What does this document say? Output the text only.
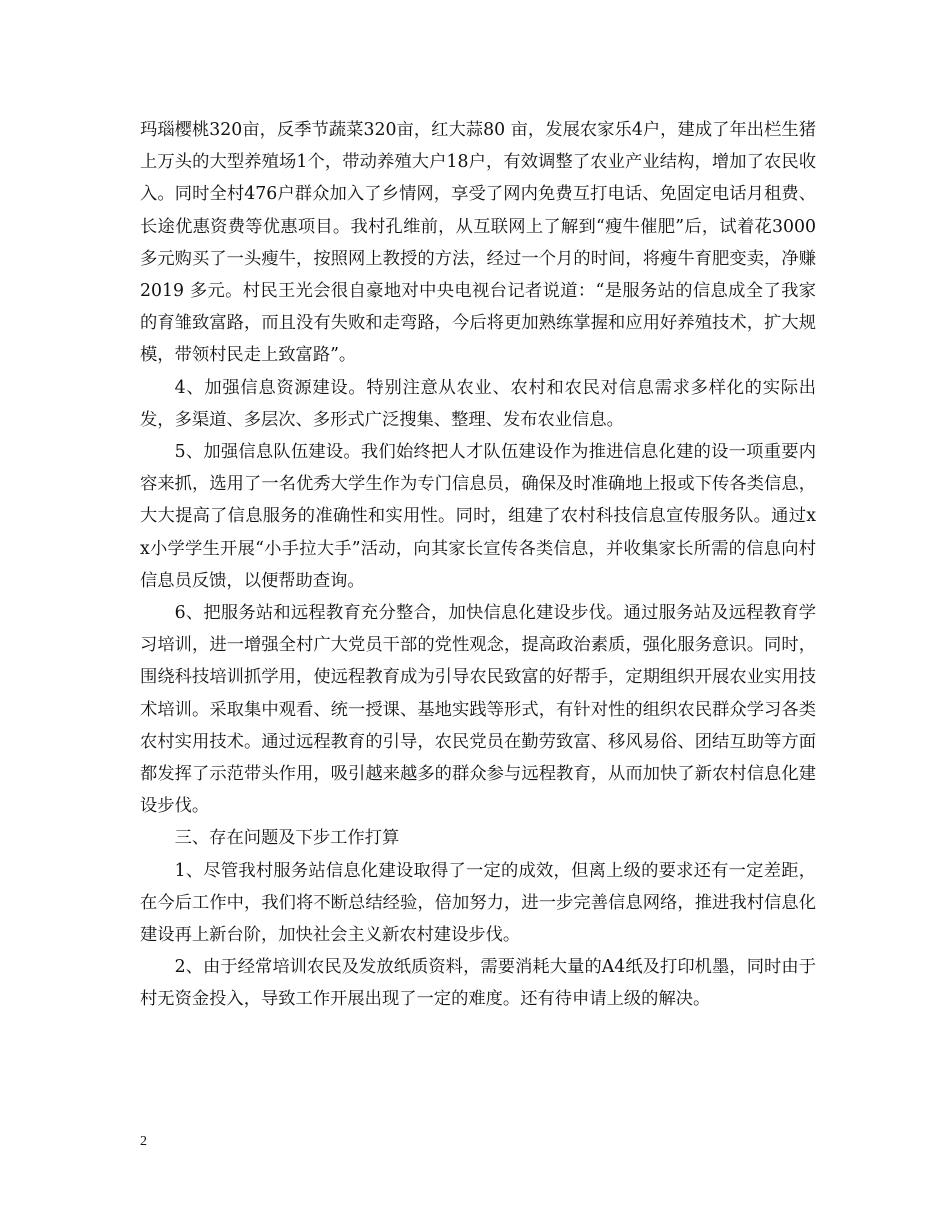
玛瑙樱桃320亩，反季节蔬菜320亩，红大蒜80 亩，发展农家乐4户，建成了年出栏生猪上万头的大型养殖场1个，带动养殖大户18户，有效调整了农业产业结构，增加了农民收入。同时全村476户群众加入了乡情网，享受了网内免费互打电话、免固定电话月租费、长途优惠资费等优惠项目。我村孔维前，从互联网上了解到“瘦牛催肥”后，试着花3000多元购买了一头瘦牛，按照网上教授的方法，经过一个月的时间，将瘦牛育肥变卖，净赚2019 多元。村民王光会很自豪地对中央电视台记者说道：“是服务站的信息成全了我家的育雏致富路，而且没有失败和走弯路，今后将更加熟练掌握和应用好养殖技术，扩大规模，带领村民走上致富路”。

4、加强信息资源建设。特别注意从农业、农村和农民对信息需求多样化的实际出发，多渠道、多层次、多形式广泛搜集、整理、发布农业信息。

5、加强信息队伍建设。我们始终把人才队伍建设作为推进信息化建的设一项重要内容来抓，选用了一名优秀大学生作为专门信息员，确保及时准确地上报或下传各类信息，大大提高了信息服务的准确性和实用性。同时，组建了农村科技信息宣传服务队。通过xx小学学生开展“小手拉大手”活动，向其家长宣传各类信息，并收集家长所需的信息向村信息员反馈，以便帮助查询。

6、把服务站和远程教育充分整合，加快信息化建设步伐。通过服务站及远程教育学习培训，进一增强全村广大党员干部的党性观念，提高政治素质，强化服务意识。同时，围绕科技培训抓学用，使远程教育成为引导农民致富的好帮手，定期组织开展农业实用技术培训。采取集中观看、统一授课、基地实践等形式，有针对性的组织农民群众学习各类农村实用技术。通过远程教育的引导，农民党员在勤劳致富、移风易俗、团结互助等方面都发挥了示范带头作用，吸引越来越多的群众参与远程教育，从而加快了新农村信息化建设步伐。

三、存在问题及下步工作打算

1、尽管我村服务站信息化建设取得了一定的成效，但离上级的要求还有一定差距，在今后工作中，我们将不断总结经验，倍加努力，进一步完善信息网络，推进我村信息化建设再上新台阶，加快社会主义新农村建设步伐。

2、由于经常培训农民及发放纸质资料，需要消耗大量的A4纸及打印机墨，同时由于村无资金投入，导致工作开展出现了一定的难度。还有待申请上级的解决。

2
